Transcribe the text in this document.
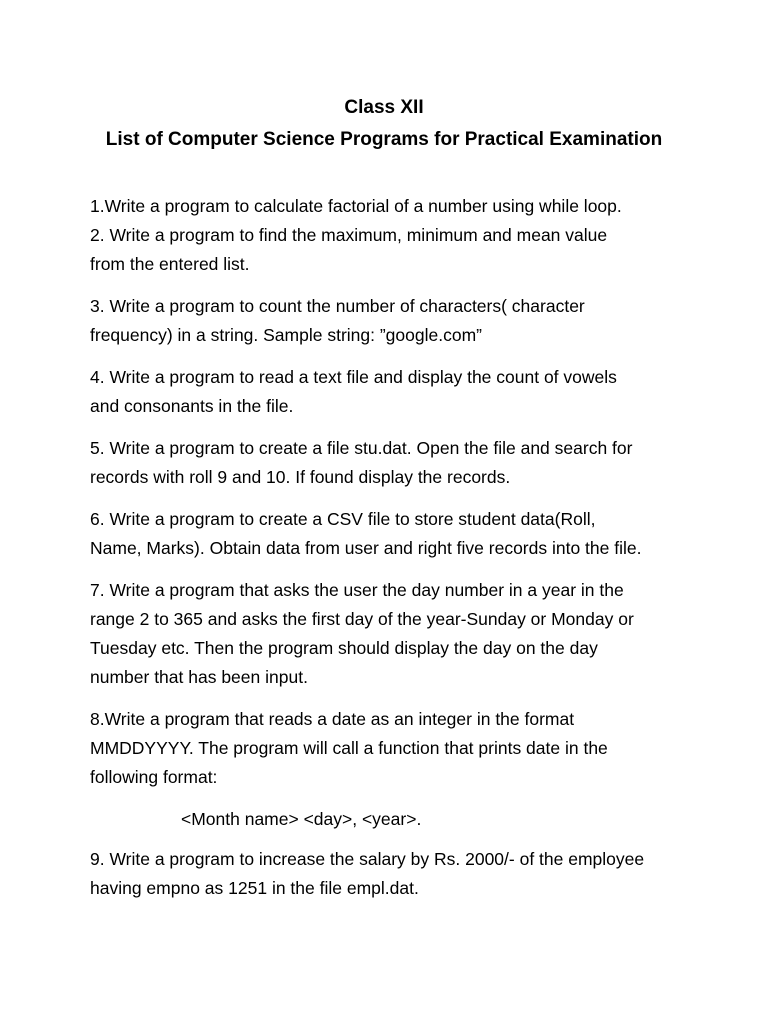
Class XII
List of Computer Science Programs for Practical Examination
1.Write a program to calculate factorial of a number using while loop.
2. Write a program to find the maximum, minimum and mean value
from the entered list.
3. Write a program to count the number of characters( character
frequency) in a string. Sample string: ”google.com”
4. Write a program to read a text file and display the count of vowels
and consonants in the file.
5. Write a program to create a file stu.dat. Open the file and search for
records with roll 9 and 10. If found display the records.
6. Write a program to create a CSV file to store student data(Roll,
Name, Marks). Obtain data from user and right five records into the file.
7. Write a program that asks the user the day number in a year in the
range 2 to 365 and asks the first day of the year-Sunday or Monday or
Tuesday etc. Then the program should display the day on the day
number that has been input.
8.Write a program that reads a date as an integer in the format
MMDDYYYY. The program will call a function that prints date in the
following format:
<Month name> <day>, <year>.
9. Write a program to increase the salary by Rs. 2000/- of the employee
having empno as 1251 in the file empl.dat.
